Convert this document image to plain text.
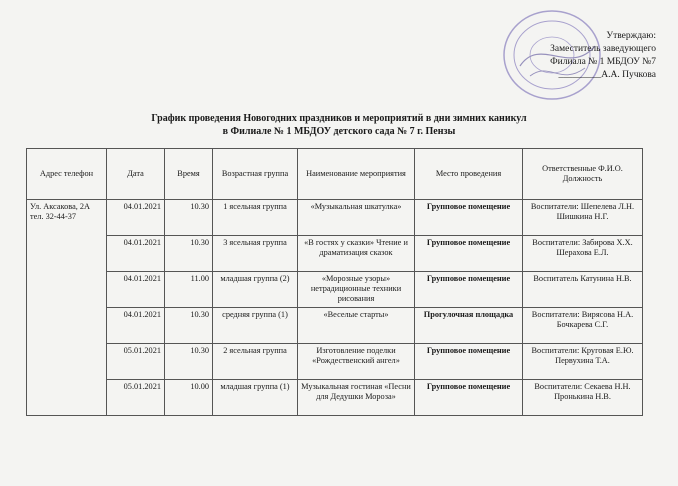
Утверждаю:
Заместитель заведующего
Филиала № 1 МБДОУ №7
_________А.А. Пучкова
График проведения Новогодних праздников и мероприятий в дни зимних каникул
в Филиале № 1 МБДОУ детского сада № 7 г. Пензы
Адрес телефон	Дата	Время	Возрастная группа	Наименование мероприятия	Место проведения	Ответственные Ф.И.О. Должность

Ул. Аксакова, 2А
тел. 32-44-37	04.01.2021	10.30	1 ясельная группа	«Музыкальная шкатулка»	Групповое помещение	Воспитатели: Шепелева Л.Н. Шишкина Н.Г.
	04.01.2021	10.30	3 ясельная группа	«В гостях у сказки» Чтение и драматизация сказок	Групповое помещение	Воспитатели: Забирова Х.Х. Шерахова Е.Л.
	04.01.2021	11.00	младшая группа (2)	«Морозные узоры» нетрадиционные техники рисования	Групповое помещение	Воспитатель Катунина Н.В.
	04.01.2021	10.30	средняя группа (1)	«Веселые старты»	Прогулочная площадка	Воспитатели: Вирясова Н.А. Бочкарева С.Г.
	05.01.2021	10.30	2 ясельная группа	Изготовление поделки «Рождественский ангел»	Групповое помещение	Воспитатели: Круговая Е.Ю. Первухина Т.А.
	05.01.2021	10.00	младшая группа (1)	Музыкальная гостиная «Песни для Дедушки Мороза»	Групповое помещение	Воспитатели: Секаева Н.Н. Пронькина Н.В.
